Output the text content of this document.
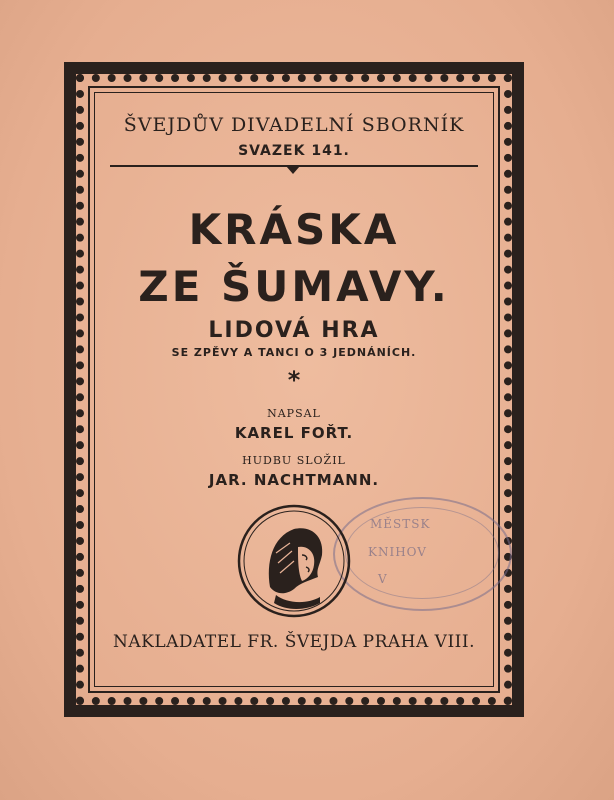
ŠVEJDŮV DIVADELNÍ SBORNÍK
SVAZEK 141.
KRÁSKA
ZE ŠUMAVY.
LIDOVÁ HRA
SE ZPĚVY A TANCI O 3 JEDNÁNÍCH.
*
NAPSAL
KAREL FOŘT.
HUDBU SLOŽIL
JAR. NACHTMANN.
MĚSTSK
KNIHOV
V
NAKLADATEL FR. ŠVEJDA PRAHA VIII.
